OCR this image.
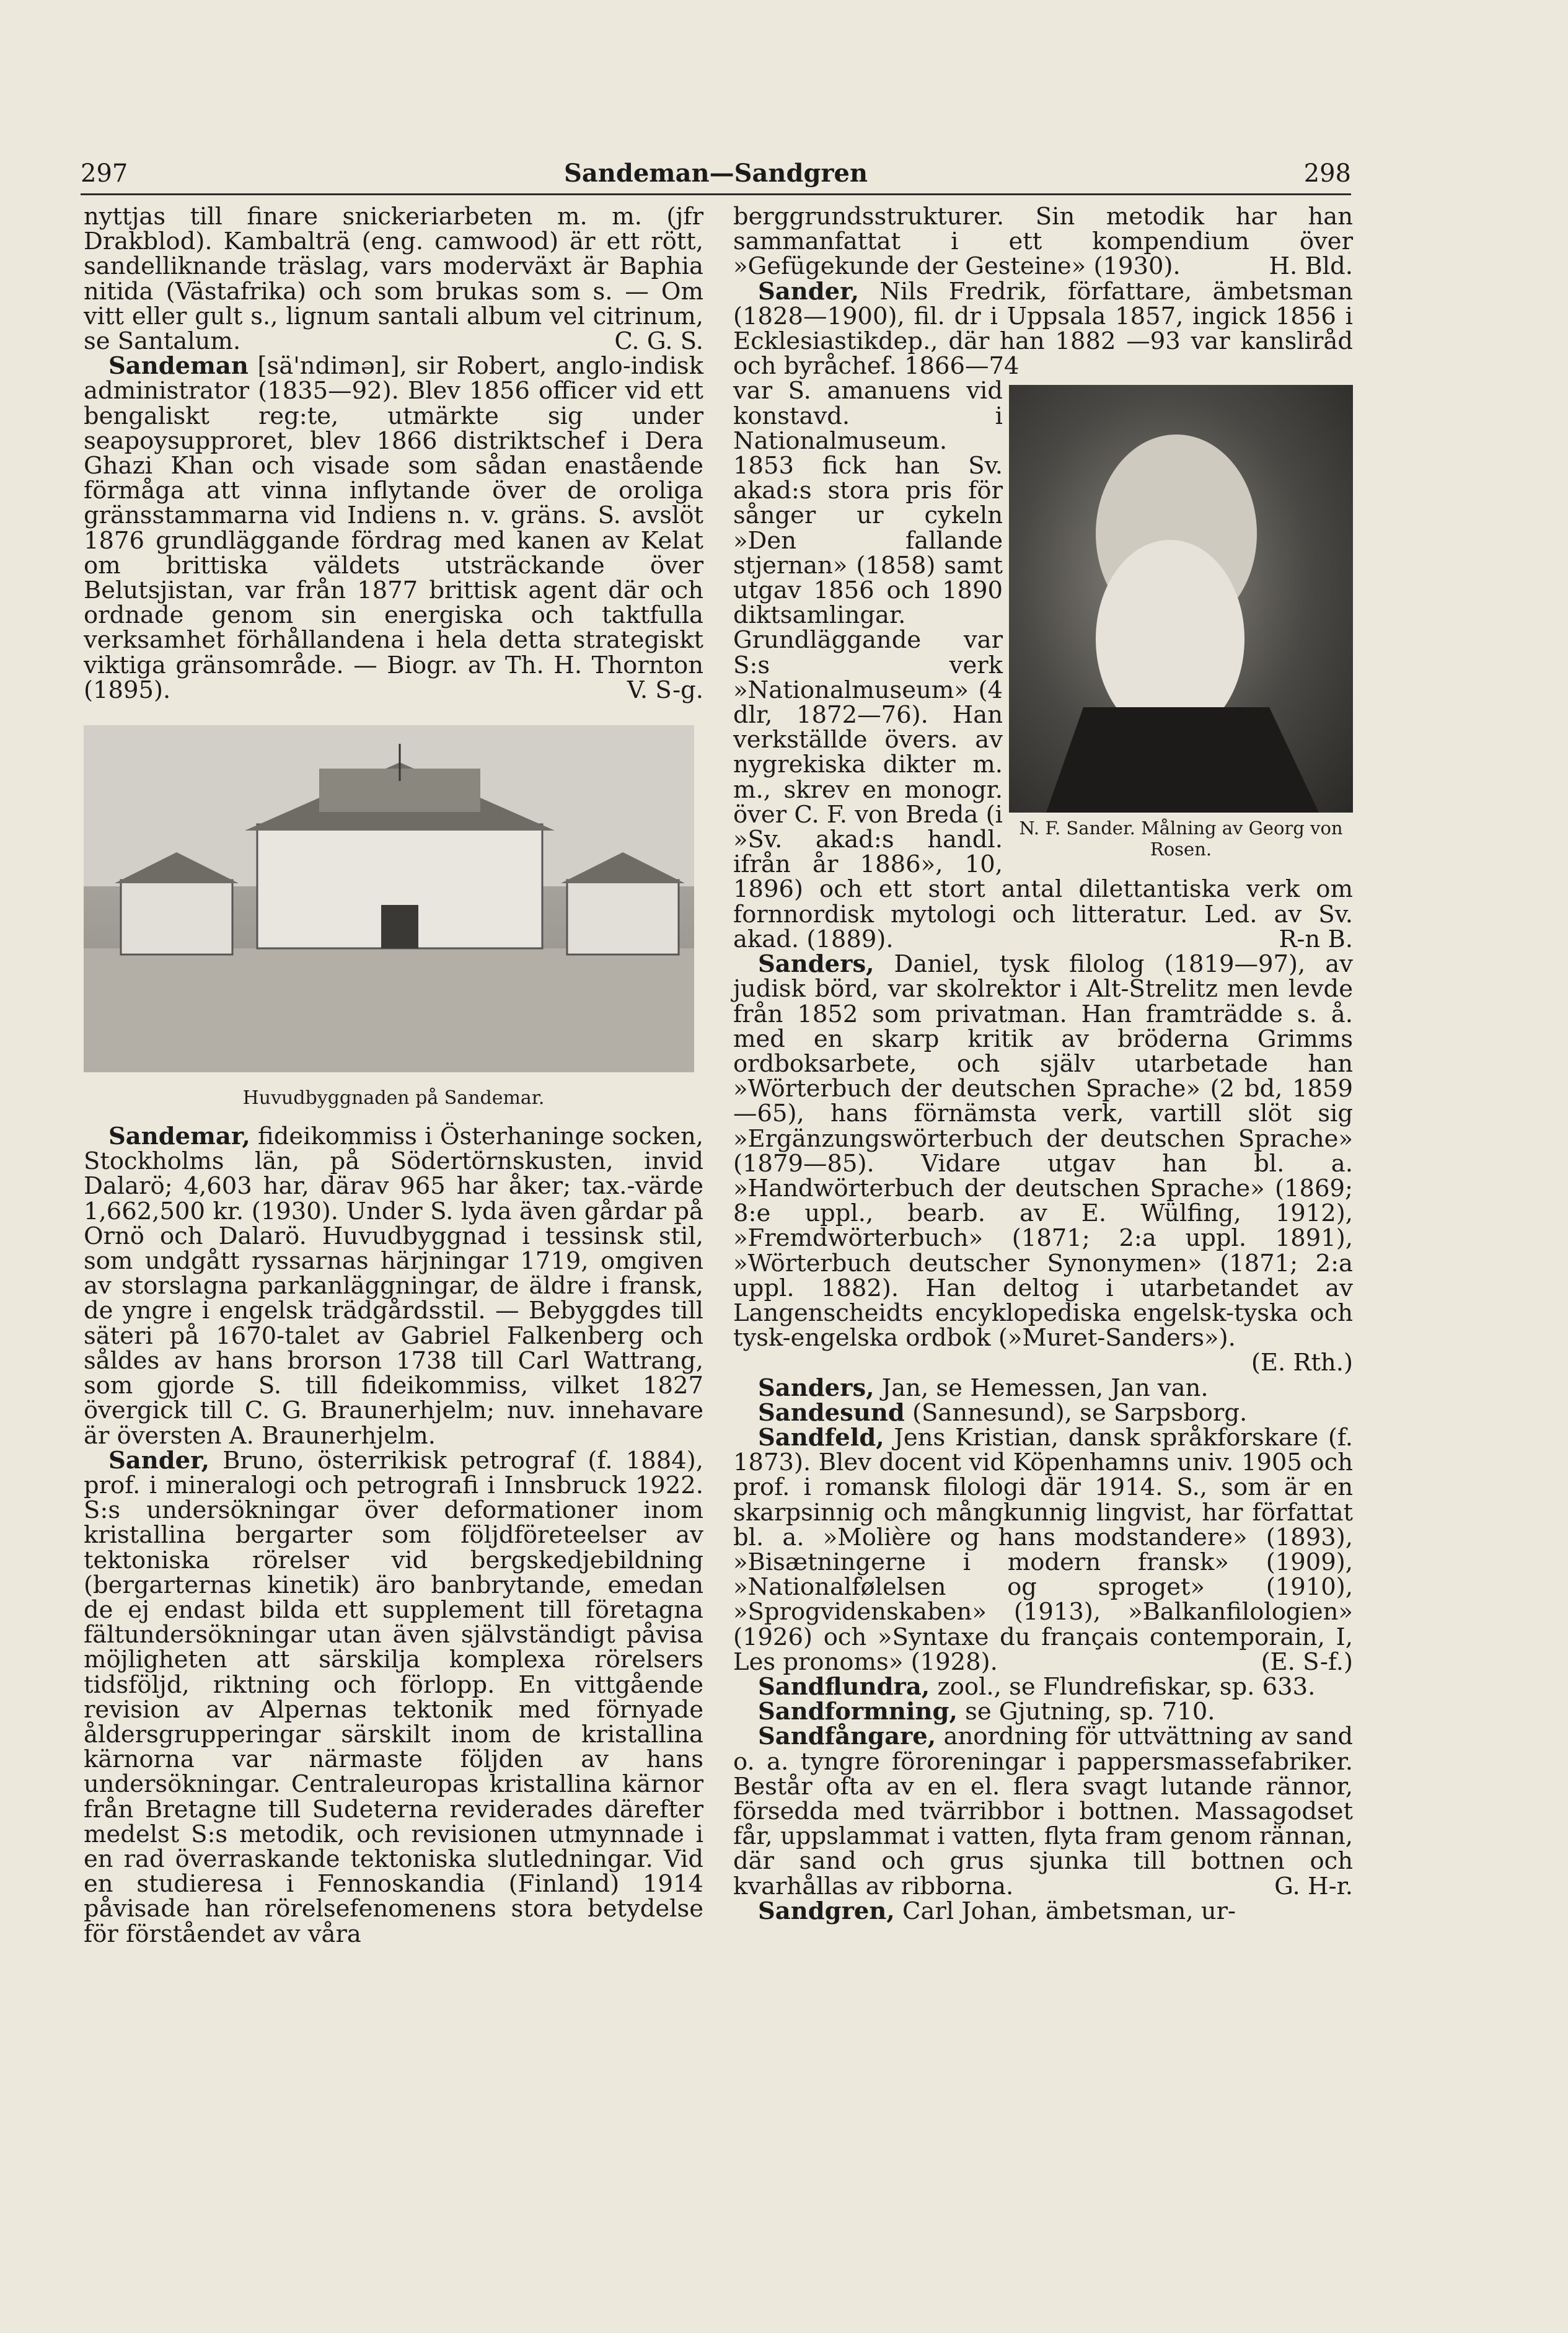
297	Sandeman—Sandgren	298

nyttjas till finare snickeriarbeten m. m. (jfr Drakblod). Kambalträ (eng. camwood) är ett rött, sandelliknande träslag, vars moderväxt är Baphia nitida (Västafrika) och som brukas som s. — Om vitt eller gult s., lignum santali album vel citrinum, se Santalum.	C. G. S.

Sandeman [sä'ndimən], sir Robert, anglo-indisk administrator (1835—92). Blev 1856 officer vid ett bengaliskt reg:te, utmärkte sig under seapoysupproret, blev 1866 distriktschef i Dera Ghazi Khan och visade som sådan enastående förmåga att vinna inflytande över de oroliga gränsstammarna vid Indiens n. v. gräns. S. avslöt 1876 grundläggande fördrag med kanen av Kelat om brittiska väldets utsträckande över Belutsjistan, var från 1877 brittisk agent där och ordnade genom sin energiska och taktfulla verksamhet förhållandena i hela detta strategiskt viktiga gränsområde. — Biogr. av Th. H. Thornton (1895).	V. S-g.

Huvudbyggnaden på Sandemar.

Sandemar, fideikommiss i Österhaninge socken, Stockholms län, på Södertörnskusten, invid Dalarö; 4,603 har, därav 965 har åker; tax.-värde 1,662,500 kr. (1930). Under S. lyda även gårdar på Ornö och Dalarö. Huvudbyggnad i tessinsk stil, som undgått ryssarnas härjningar 1719, omgiven av storslagna parkanläggningar, de äldre i fransk, de yngre i engelsk trädgårdsstil. — Bebyggdes till säteri på 1670-talet av Gabriel Falkenberg och såldes av hans brorson 1738 till Carl Wattrang, som gjorde S. till fideikommiss, vilket 1827 övergick till C. G. Braunerhjelm; nuv. innehavare är översten A. Braunerhjelm.

Sander, Bruno, österrikisk petrograf (f. 1884), prof. i mineralogi och petrografi i Innsbruck 1922. S:s undersökningar över deformationer inom kristallina bergarter som följdföreteelser av tektoniska rörelser vid bergskedjebildning (bergarternas kinetik) äro banbrytande, emedan de ej endast bilda ett supplement till företagna fältundersökningar utan även självständigt påvisa möjligheten att särskilja komplexa rörelsers tidsföljd, riktning och förlopp. En vittgående revision av Alpernas tektonik med förnyade åldersgrupperingar särskilt inom de kristallina kärnorna var närmaste följden av hans undersökningar. Centraleuropas kristallina kärnor från Bretagne till Sudeterna reviderades därefter medelst S:s metodik, och revisionen utmynnade i en rad överraskande tektoniska slutledningar. Vid en studieresa i Fennoskandia (Finland) 1914 påvisade han rörelsefenomenens stora betydelse för förståendet av våra

berggrundsstrukturer. Sin metodik har han sammanfattat i ett kompendium över »Gefügekunde der Gesteine» (1930).	H. Bld.

Sander, Nils Fredrik, författare, ämbetsman (1828—1900), fil. dr i Uppsala 1857, ingick 1856 i Ecklesiastikdep., där han 1882 —93 var kansliråd och byråchef. 1866—74

N. F. Sander. Målning av Georg von Rosen.

var S. amanuens vid konstavd. i Nationalmuseum. 1853 fick han Sv. akad:s stora pris för sånger ur cykeln »Den fallande stjernan» (1858) samt utgav 1856 och 1890 diktsamlingar. Grundläggande var S:s verk »Nationalmuseum» (4 dlr, 1872—76). Han verkställde övers. av nygrekiska dikter m. m., skrev en monogr. över C. F. von Breda (i »Sv. akad:s handl. ifrån år 1886», 10, 1896) och ett stort antal dilettantiska verk om fornnordisk mytologi och litteratur. Led. av Sv. akad. (1889).	R-n B.

Sanders, Daniel, tysk filolog (1819—97), av judisk börd, var skolrektor i Alt-Strelitz men levde från 1852 som privatman. Han framträdde s. å. med en skarp kritik av bröderna Grimms ordboksarbete, och själv utarbetade han »Wörterbuch der deutschen Sprache» (2 bd, 1859—65), hans förnämsta verk, vartill slöt sig »Ergänzungswörterbuch der deutschen Sprache» (1879—85). Vidare utgav han bl. a. »Handwörterbuch der deutschen Sprache» (1869; 8:e uppl., bearb. av E. Wülfing, 1912), »Fremdwörterbuch» (1871; 2:a uppl. 1891), »Wörterbuch deutscher Synonymen» (1871; 2:a uppl. 1882). Han deltog i utarbetandet av Langenscheidts encyklopediska engelsk-tyska och tysk-engelska ordbok (»Muret-Sanders»).
(E. Rth.)

Sanders, Jan, se Hemessen, Jan van.

Sandesund (Sannesund), se Sarpsborg.

Sandfeld, Jens Kristian, dansk språkforskare (f. 1873). Blev docent vid Köpenhamns univ. 1905 och prof. i romansk filologi där 1914. S., som är en skarpsinnig och mångkunnig lingvist, har författat bl. a. »Molière og hans modstandere» (1893), »Bisætningerne i modern fransk» (1909), »Nationalfølelsen og sproget» (1910), »Sprogvidenskaben» (1913), »Balkanfilologien» (1926) och »Syntaxe du français contemporain, I, Les pronoms» (1928).	(E. S-f.)

Sandflundra, zool., se Flundrefiskar, sp. 633.

Sandformning, se Gjutning, sp. 710.

Sandfångare, anordning för uttvättning av sand o. a. tyngre föroreningar i pappersmassefabriker. Består ofta av en el. flera svagt lutande rännor, försedda med tvärribbor i bottnen. Massagodset får, uppslammat i vatten, flyta fram genom rännan, där sand och grus sjunka till bottnen och kvarhållas av ribborna.	G. H-r.

Sandgren, Carl Johan, ämbetsman, ur-
